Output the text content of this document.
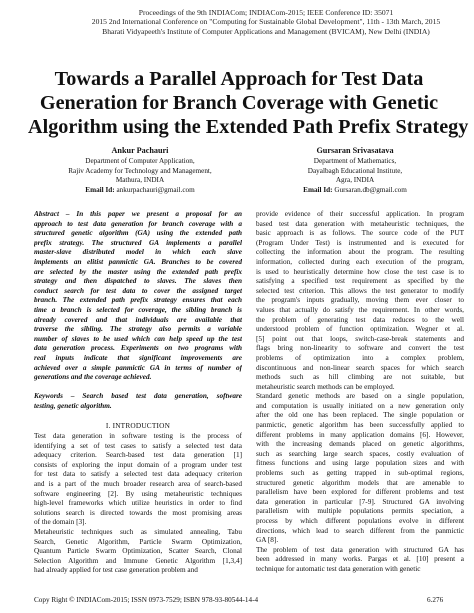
Proceedings of the 9th INDIACom; INDIACom-2015; IEEE Conference ID: 35071
2015 2nd International Conference on "Computing for Sustainable Global Development", 11th - 13th March, 2015
Bharati Vidyapeeth's Institute of Computer Applications and Management (BVICAM), New Delhi (INDIA)
Towards a Parallel Approach for Test Data
Generation for Branch Coverage with Genetic
Algorithm using the Extended Path Prefix Strategy
Ankur Pachauri
Department of Computer Application,
Rajiv Academy for Technology and Management,
Mathura, INDIA
Email Id: ankurpachauri@gmail.com
Gursaran Srivasatava
Department of Mathematics,
Dayalbagh Educational Institute,
Agra, INDIA
Email Id: Gursaran.db@gmail.com
Abstract – In this paper we present a proposal for an
approach to test data generation for branch coverage with a
structured genetic algorithm (GA) using the extended path
prefix strategy. The structured GA implements a parallel
master-slave distributed model in which each slave
implements an elitist panmictic GA. Branches to be covered
are selected by the master using the extended path prefix
strategy and then dispatched to slaves. The slaves then
conduct search for test data to cover the assigned target
branch. The extended path prefix strategy ensures that each
time a branch is selected for coverage, the sibling branch is
already covered and that individuals are available that
traverse the sibling. The strategy also permits a variable
number of slaves to be used which can help speed up the test
data generation process. Experiments on two programs with
real inputs indicate that significant improvements are
achieved over a simple panmictic GA in terms of number of
generations and the coverage achieved.
Keywords – Search based test data generation, software
testing, genetic algorithm.
I. INTRODUCTION
Test data generation in software testing is the process of
identifying a set of test cases to satisfy a selected test data
adequacy criterion. Search-based test data generation [1]
consists of exploring the input domain of a program under test
for test data to satisfy a selected test data adequacy criterion
and is a part of the much broader research area of search-based
software engineering [2]. By using metaheuristic techniques
high-level frameworks which utilize heuristics in order to find
solutions search is directed towards the most promising areas
of the domain [3].
Metaheuristic techniques such as simulated annealing, Tabu
Search, Genetic Algorithm, Particle Swarm Optimization,
Quantum Particle Swarm Optimization, Scatter Search, Clonal
Selection Algorithm and Immune Genetic Algorithm [1,3,4]
had already applied for test case generation problem and
provide evidence of their successful application. In program
based test data generation with metaheuristic techniques, the
basic approach is as follows. The source code of the PUT
(Program Under Test) is instrumented and is executed for
collecting the information about the program. The resulting
information, collected during each execution of the program,
is used to heuristically determine how close the test case is to
satisfying a specified test requirement as specified by the
selected test criterion. This allows the test generator to modify
the program's inputs gradually, moving them ever closer to
values that actually do satisfy the requirement. In other words,
the problem of generating test data reduces to the well
understood problem of function optimization. Wegner et al.
[5] point out that loops, switch-case-break statements and
flags bring non-linearity to software and convert the test
problems of optimization into a complex problem,
discontinuous and non-linear search spaces for which search
methods such as hill climbing are not suitable, but
metaheuristic search methods can be employed.
Standard genetic methods are based on a single population,
and computation is usually initiated on a new generation only
after the old one has been replaced. The single population or
panmictic, genetic algorithm has been successfully applied to
different problems in many application domains [6]. However,
with the increasing demands placed on genetic algorithms,
such as searching large search spaces, costly evaluation of
fitness functions and using large population sizes and with
problems such as getting trapped in sub-optimal regions,
structured genetic algorithm models that are amenable to
parallelism have been explored for different problems and test
data generation in particular [7-9]. Structured GA involving
parallelism with multiple populations permits speciation, a
process by which different populations evolve in different
directions, which lead to search different from the panmictic
GA [8].
The problem of test data generation with structured GA has
been addressed in many works. Pargas et al. [10] present a
technique for automatic test data generation with genetic
Copy Right © INDIACom-2015; ISSN 0973-7529; ISBN 978-93-80544-14-4	6.276
